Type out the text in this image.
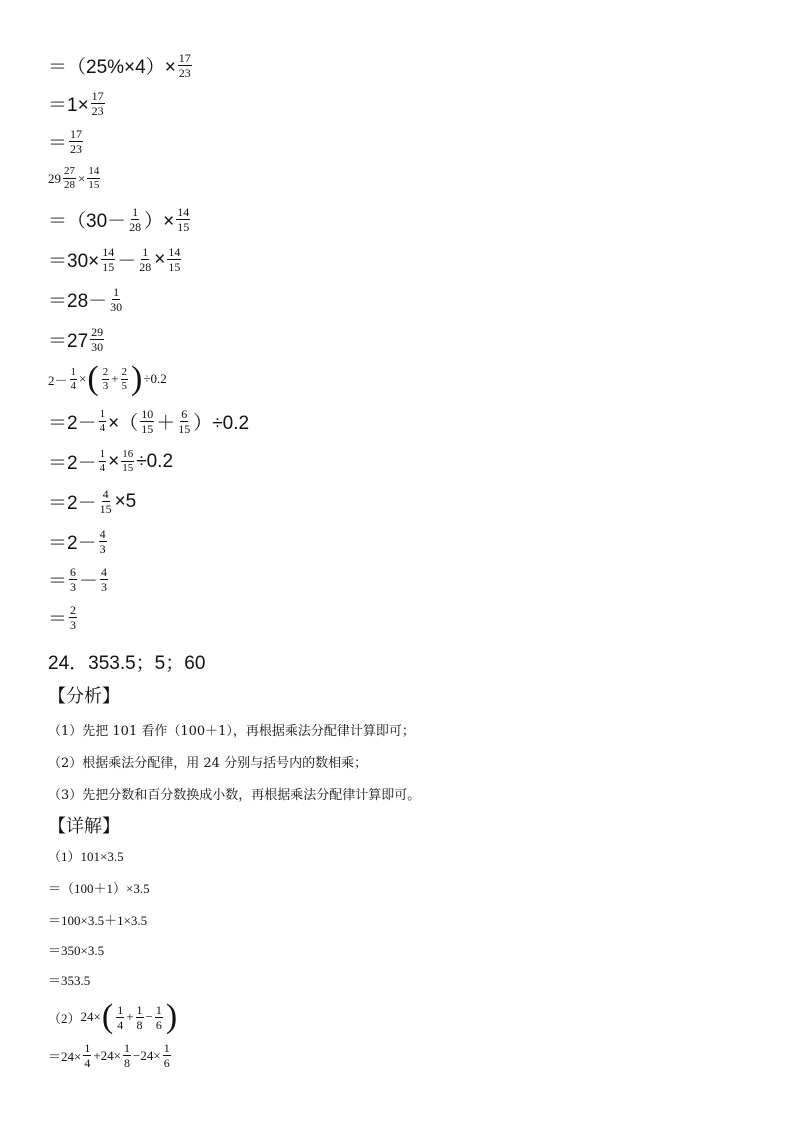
$=(25\%\times 4)\times \frac{17}{23}$
$=1\times \frac{17}{23}$
＝ 17
23
$29 \frac{27}{28} \times \frac{14}{15}$
＝（30－ 1
28 ）× $\frac{14}{15}$
$=30\times \frac{14}{15} - \frac{1}{28} \times \frac{14}{15}$
＝28－ 1
30
＝27 29
30
$2- \frac{1}{4}$ × ( 2
$3 + \frac{2}{5}$ ) ÷0.2
$=2- \frac{1}{4}$ ×（ 10
15 ＋ 6
15 ）÷0.2
$=2- \frac{1}{4} \times \frac{16}{15} \div 0.2$
$=2- \frac{4}{15} \times 5$
＝2－ 4
3
＝ 6
3 － 4
3
＝ 2
3
24．353.5；5；60
【分析】
（1）先把 101 看作（100＋1），再根据乘法分配律计算即可；
（2）根据乘法分配律，用 24 分别与括号内的数相乘；
（3）先把分数和百分数换成小数，再根据乘法分配律计算即可。
【详解】
（1）101×3.5
＝（100＋1）×3.5
＝100×3.5＋1×3.5
＝350×3.5
＝353.5
（2） 24× ( 1
4
+ $\frac{1}{8} - \frac{1}{6}$ )
$=24\times \frac{1}{4} +24\times \frac{1}{8} -24\times \frac{1}{6}$
